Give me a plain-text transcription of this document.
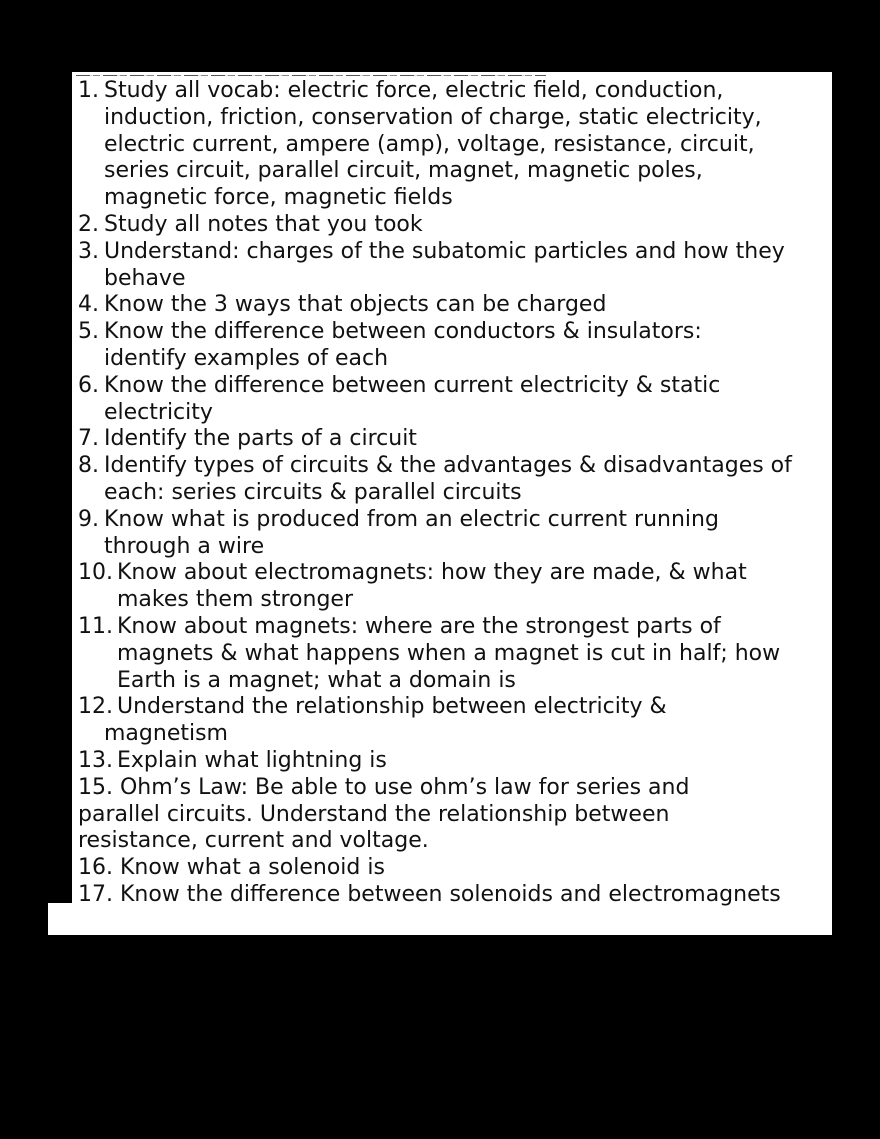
1. Study all vocab: electric force, electric field, conduction,
induction, friction, conservation of charge, static electricity,
electric current, ampere (amp), voltage, resistance, circuit,
series circuit, parallel circuit, magnet, magnetic poles,
magnetic force, magnetic fields
2. Study all notes that you took
3. Understand: charges of the subatomic particles and how they
behave
4. Know the 3 ways that objects can be charged
5. Know the difference between conductors & insulators:
identify examples of each
6. Know the difference between current electricity & static
electricity
7. Identify the parts of a circuit
8. Identify types of circuits & the advantages & disadvantages of
each: series circuits & parallel circuits
9. Know what is produced from an electric current running
through a wire
10. Know about electromagnets: how they are made, & what
makes them stronger
11. Know about magnets: where are the strongest parts of
magnets & what happens when a magnet is cut in half; how
Earth is a magnet; what a domain is
12. Understand the relationship between electricity &
magnetism
13. Explain what lightning is
15. Ohm’s Law: Be able to use ohm’s law for series and
parallel circuits. Understand the relationship between
resistance, current and voltage.
16. Know what a solenoid is
17. Know the difference between solenoids and electromagnets
